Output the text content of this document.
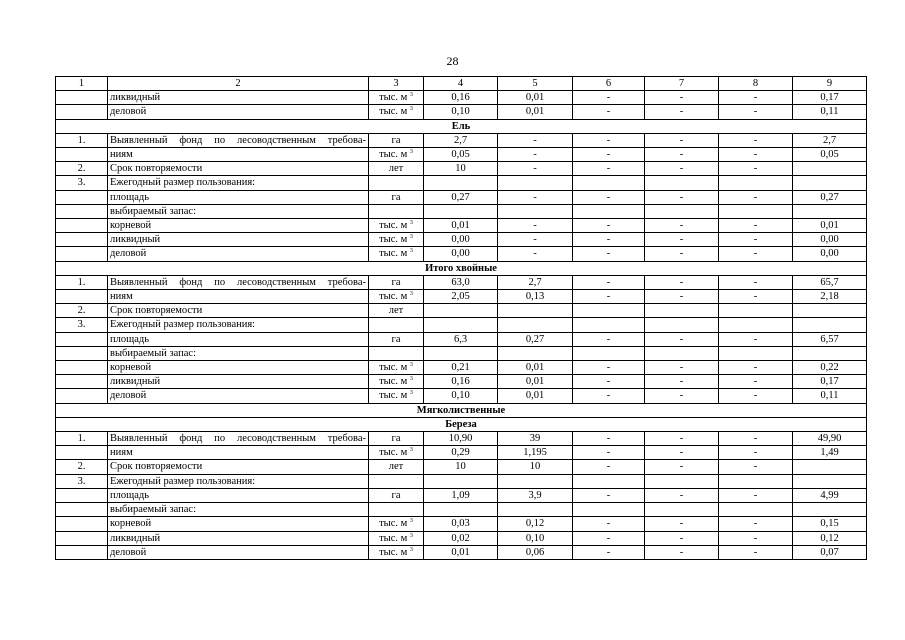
28
1	2	3	4	5	6	7	8	9
	ликвидный	тыс. м $^3$	0,16	0,01	-	-	-	0,17
	деловой	тыс. м $^3$	0,10	0,01	-	-	-	0,11
Ель								
1.	Выявленный фонд по лесоводственным требова-	га	2,7	-	-	-	-	2,7
	ниям	тыс. м $^3$	0,05	-	-	-	-	0,05
2.	Срок повторяемости	лет	10	-	-	-	-	
3.	Ежегодный размер пользования:							
	площадь	га	0,27	-	-	-	-	0,27
	выбираемый запас:							
	корневой	тыс. м $^3$	0,01	-	-	-	-	0,01
	ликвидный	тыс. м $^3$	0,00	-	-	-	-	0,00
	деловой	тыс. м $^3$	0,00	-	-	-	-	0,00
Итого хвойные								
1.	Выявленный фонд по лесоводственным требова-	га	63,0	2,7	-	-	-	65,7
	ниям	тыс. м $^3$	2,05	0,13	-	-	-	2,18
2.	Срок повторяемости	лет						
3.	Ежегодный размер пользования:							
	площадь	га	6,3	0,27	-	-	-	6,57
	выбираемый запас:							
	корневой	тыс. м $^3$	0,21	0,01	-	-	-	0,22
	ликвидный	тыс. м $^3$	0,16	0,01	-	-	-	0,17
	деловой	тыс. м $^3$	0,10	0,01	-	-	-	0,11
Мягколиственные								
Береза								
1.	Выявленный фонд по лесоводственным требова-	га	10,90	39	-	-	-	49,90
	ниям	тыс. м $^3$	0,29	1,195	-	-	-	1,49
2.	Срок повторяемости	лет	10	10	-	-	-	
3.	Ежегодный размер пользования:							
	площадь	га	1,09	3,9	-	-	-	4,99
	выбираемый запас:							
	корневой	тыс. м $^3$	0,03	0,12	-	-	-	0,15
	ликвидный	тыс. м $^3$	0,02	0,10	-	-	-	0,12
	деловой	тыс. м $^3$	0,01	0,06	-	-	-	0,07
